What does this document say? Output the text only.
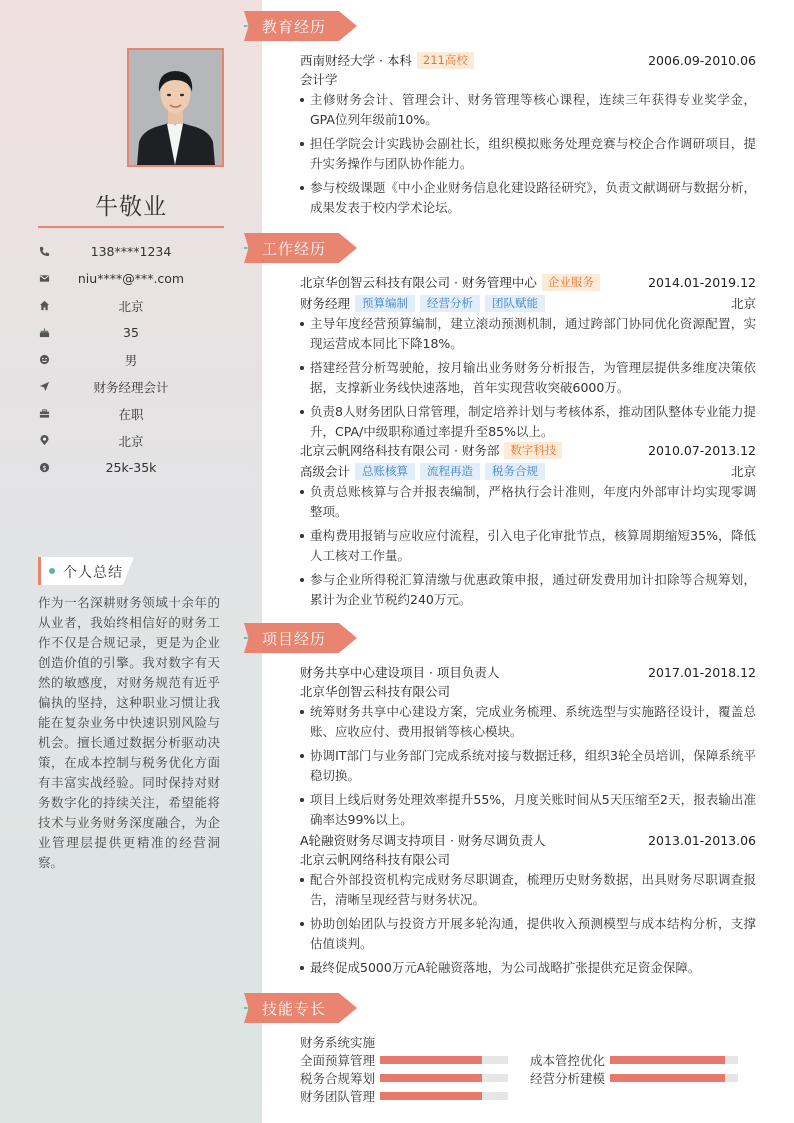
牛敬业
138****1234
niu****@***.com
北京
35
男
财务经理会计
在职
北京
$	25k-35k
个人总结
作为一名深耕财务领域十余年的从业者，我始终相信好的财务工作不仅是合规记录，更是为企业创造价值的引擎。我对数字有天然的敏感度，对财务规范有近乎偏执的坚持，这种职业习惯让我能在复杂业务中快速识别风险与机会。擅长通过数据分析驱动决策，在成本控制与税务优化方面有丰富实战经验。同时保持对财务数字化的持续关注，希望能将技术与业务财务深度融合，为企业管理层提供更精准的经营洞察。
教育经历
西南财经大学 · 本科 211高校	2006.09-2010.06
会计学
主修财务会计、管理会计、财务管理等核心课程，连续三年获得专业奖学金，GPA位列年级前10%。
担任学院会计实践协会副社长，组织模拟账务处理竞赛与校企合作调研项目，提升实务操作与团队协作能力。
参与校级课题《中小企业财务信息化建设路径研究》，负责文献调研与数据分析，成果发表于校内学术论坛。
工作经历
北京华创智云科技有限公司 · 财务管理中心 企业服务	2014.01-2019.12
财务经理	预算编制	经营分析	团队赋能	北京
主导年度经营预算编制，建立滚动预测机制，通过跨部门协同优化资源配置，实现运营成本同比下降18%。
搭建经营分析驾驶舱，按月输出业务财务分析报告，为管理层提供多维度决策依据，支撑新业务线快速落地，首年实现营收突破6000万。
负责8人财务团队日常管理，制定培养计划与考核体系，推动团队整体专业能力提升，CPA/中级职称通过率提升至85%以上。
北京云帆网络科技有限公司 · 财务部 数字科技	2010.07-2013.12
高级会计	总账核算	流程再造	税务合规	北京
负责总账核算与合并报表编制，严格执行会计准则，年度内外部审计均实现零调整项。
重构费用报销与应收应付流程，引入电子化审批节点，核算周期缩短35%，降低人工核对工作量。
参与企业所得税汇算清缴与优惠政策申报，通过研发费用加计扣除等合规筹划，累计为企业节税约240万元。
项目经历
财务共享中心建设项目 · 项目负责人	2017.01-2018.12
北京华创智云科技有限公司
统筹财务共享中心建设方案，完成业务梳理、系统选型与实施路径设计，覆盖总账、应收应付、费用报销等核心模块。
协调IT部门与业务部门完成系统对接与数据迁移，组织3轮全员培训，保障系统平稳切换。
项目上线后财务处理效率提升55%，月度关账时间从5天压缩至2天，报表输出准确率达99%以上。
A轮融资财务尽调支持项目 · 财务尽调负责人	2013.01-2013.06
北京云帆网络科技有限公司
配合外部投资机构完成财务尽职调查，梳理历史财务数据，出具财务尽职调查报告，清晰呈现经营与财务状况。
协助创始团队与投资方开展多轮沟通，提供收入预测模型与成本结构分析，支撑估值谈判。
最终促成5000万元A轮融资落地，为公司战略扩张提供充足资金保障。
技能专长
财务系统实施
全面预算管理	成本管控优化
税务合规筹划	经营分析建模
财务团队管理
